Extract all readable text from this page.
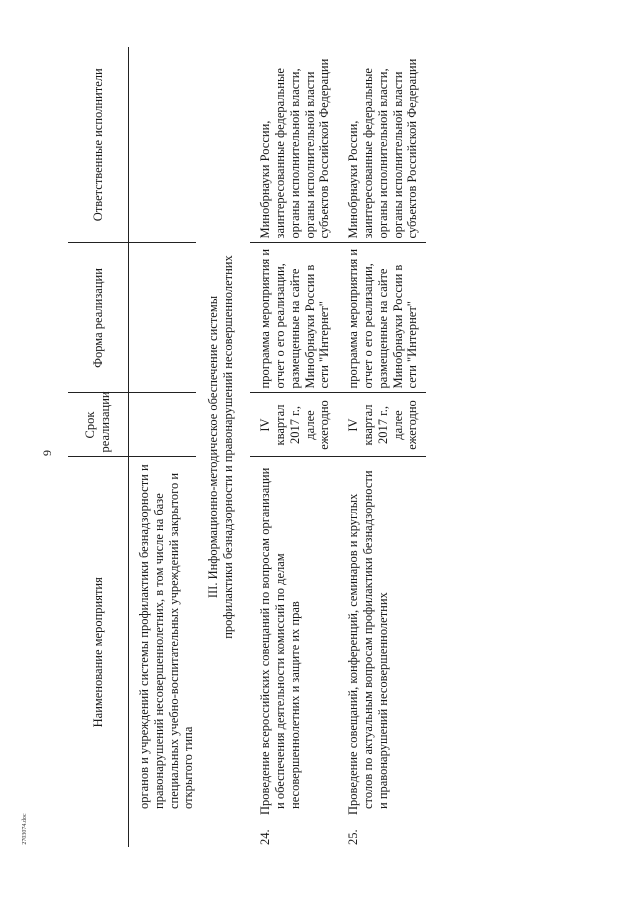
9
2703074.doc
Наименование мероприятия	Срок реализации	Форма реализации	Ответственные исполнители
органов и учреждений системы профилактики безнадзорности и правонарушений несовершеннолетних, в том числе на базе специальных учебно-воспитательных учреждений закрытого и открытого типа			

III. Информационно-методическое обеспечение системы профилактики безнадзорности и правонарушений несовершеннолетних			

24.Проведение всероссийских совещаний по вопросам организации и обеспечения деятельности комиссий по делам несовершеннолетних и защите их прав	IV квартал 2017 г., далее ежегодно	программа мероприятия и отчет о его реализации, размещенные на сайте Минобрнауки России в сети "Интернет"	Минобрнауки России, заинтересованные федеральные органы исполнительной власти, органы исполнительной власти субъектов Российской Федерации
25.Проведение совещаний, конференций, семинаров и круглых столов по актуальным вопросам профилактики безнадзорности и правонарушений несовершеннолетних	IV квартал 2017 г., далее ежегодно	программа мероприятия и отчет о его реализации, размещенные на сайте Минобрнауки России в сети "Интернет"	Минобрнауки России, заинтересованные федеральные органы исполнительной власти, органы исполнительной власти субъектов Российской Федерации
